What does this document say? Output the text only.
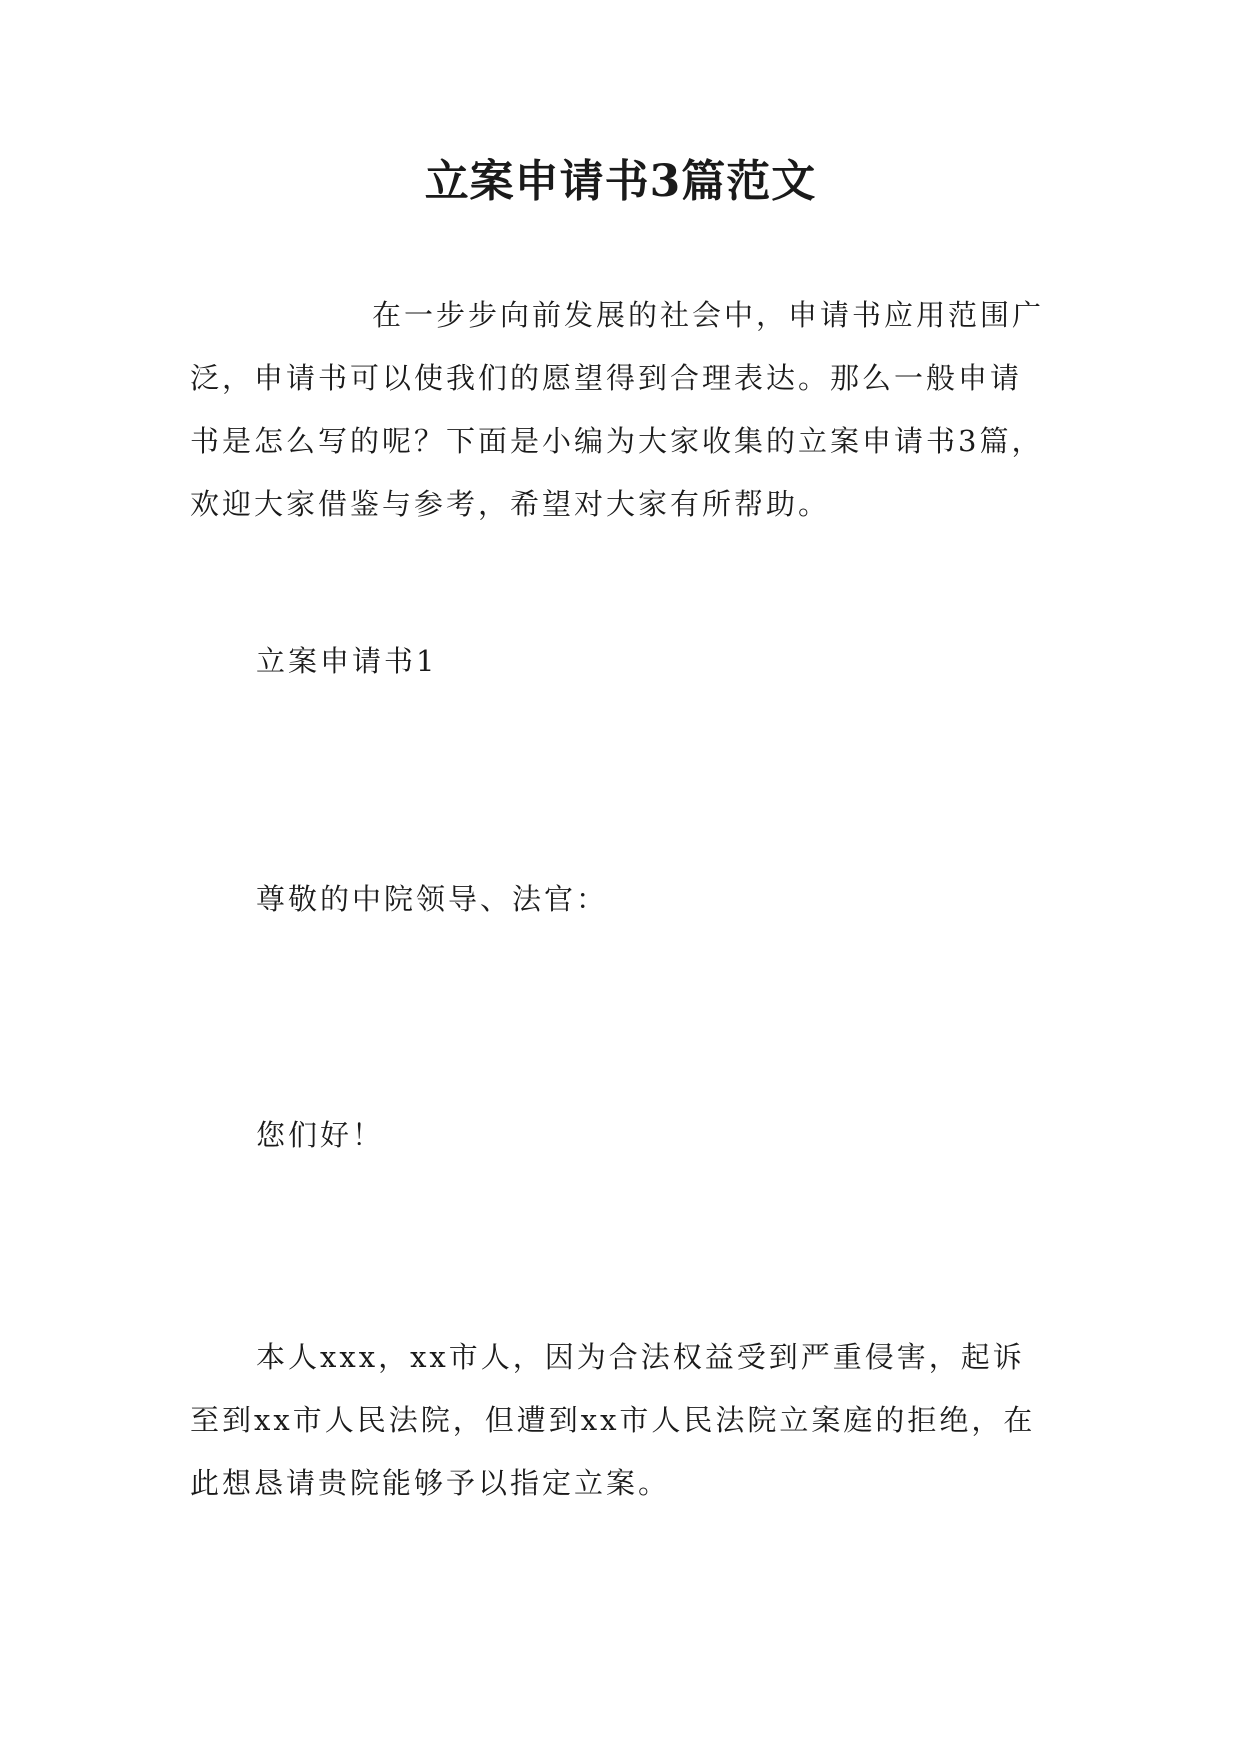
立案申请书3篇范文

在一步步向前发展的社会中，申请书应用范围广泛，申请书可以使我们的愿望得到合理表达。那么一般申请书是怎么写的呢？下面是小编为大家收集的立案申请书3篇，欢迎大家借鉴与参考，希望对大家有所帮助。

立案申请书1
尊敬的中院领导、法官：
您们好！

本人xxx，xx市人，因为合法权益受到严重侵害，起诉至到xx市人民法院，但遭到xx市人民法院立案庭的拒绝，在此想恳请贵院能够予以指定立案。
